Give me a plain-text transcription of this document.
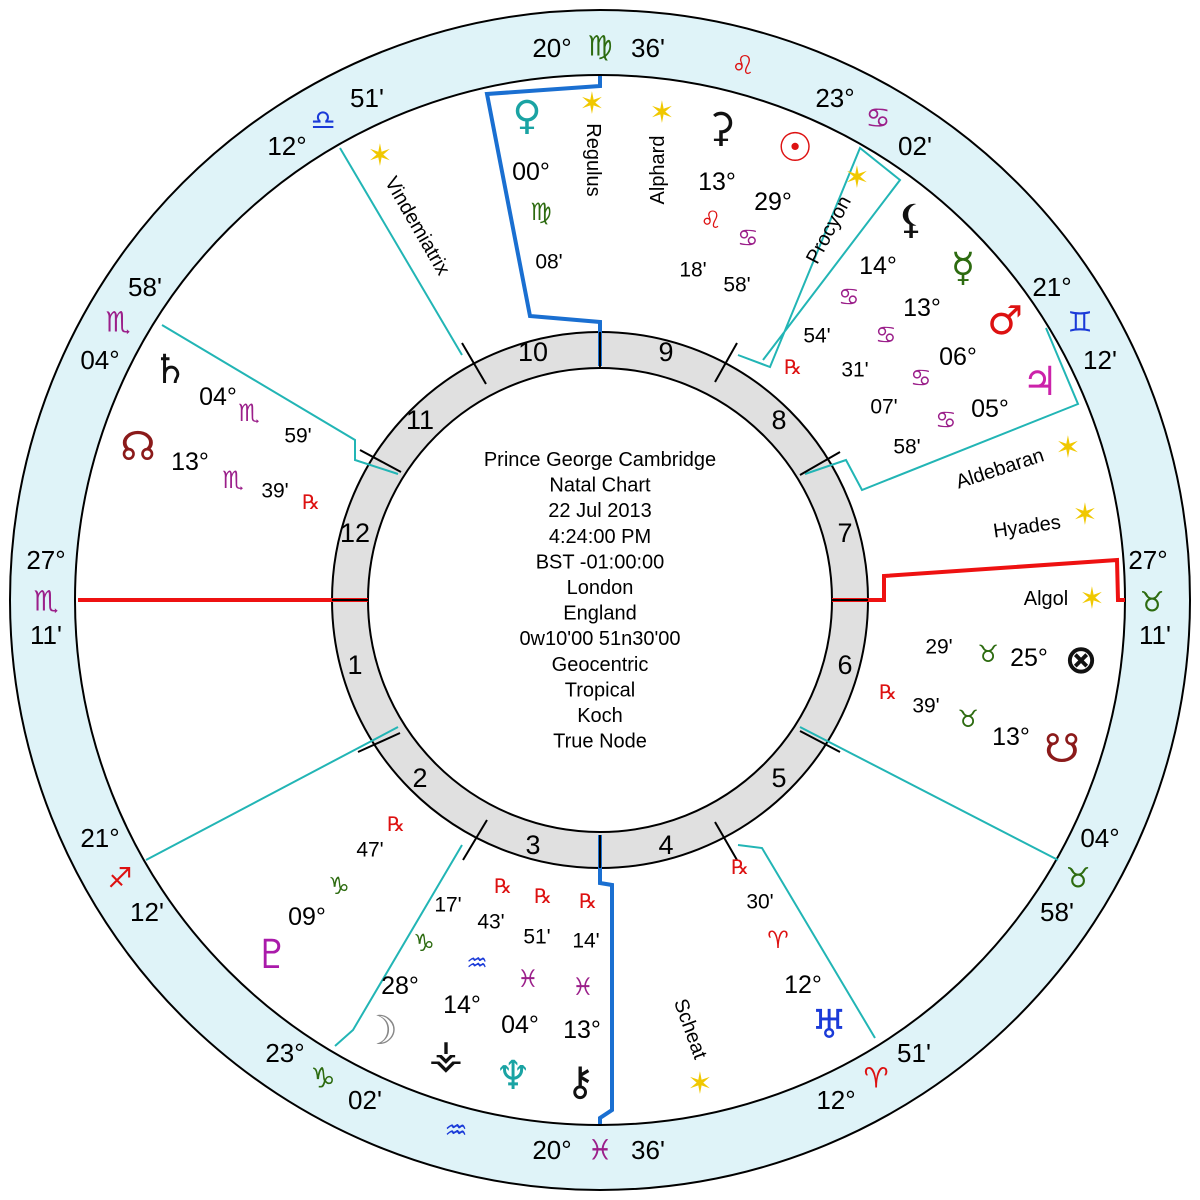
1
2
3	4
5
6
7
8
9
10
11
12
20° ♍ 36'
23°
♋
02'
21°
♊
12'
27°
♉
11'
04°
♉
58'
12°
♈
51'
20° ♓ 36'
23°
♑
02'
21°
♐
12'
27°
♏
11'
04°
♏
58'
12°
♎
51'
♌
♒
✶
Regulus
✶
Alphard	✶
Procyon
✶
Aldebaran
✶
Hyades
✶
Algol
✶
Scheat
✶
Vindemiatrix
♀
00°
♍
08'
⚳
13°
♌
18'
☉
29°
♋
58'
⚸
14°
♋
54'
℞
☿
13°
♋
31'
♂
06°
♋
07'
♃
05°
♋
58'
⊗
25°
♉
29'
☋
13°
♉
39'
℞
♅
12°
♈
30'
℞
⚷
13°
♓
14'
℞
♆
04°
♓
51'
℞
⚶
14°
♒
43'
℞
☽
28°
♑
17'
♇
09°
♑
47'
℞
☊ 13°
♏ 39'
℞
♄
04°
♏
59'
Prince George Cambridge
Natal Chart
22 Jul 2013
4:24:00 PM
BST -01:00:00
London
England
0w10'00 51n30'00
Geocentric
Tropical
Koch
True Node
